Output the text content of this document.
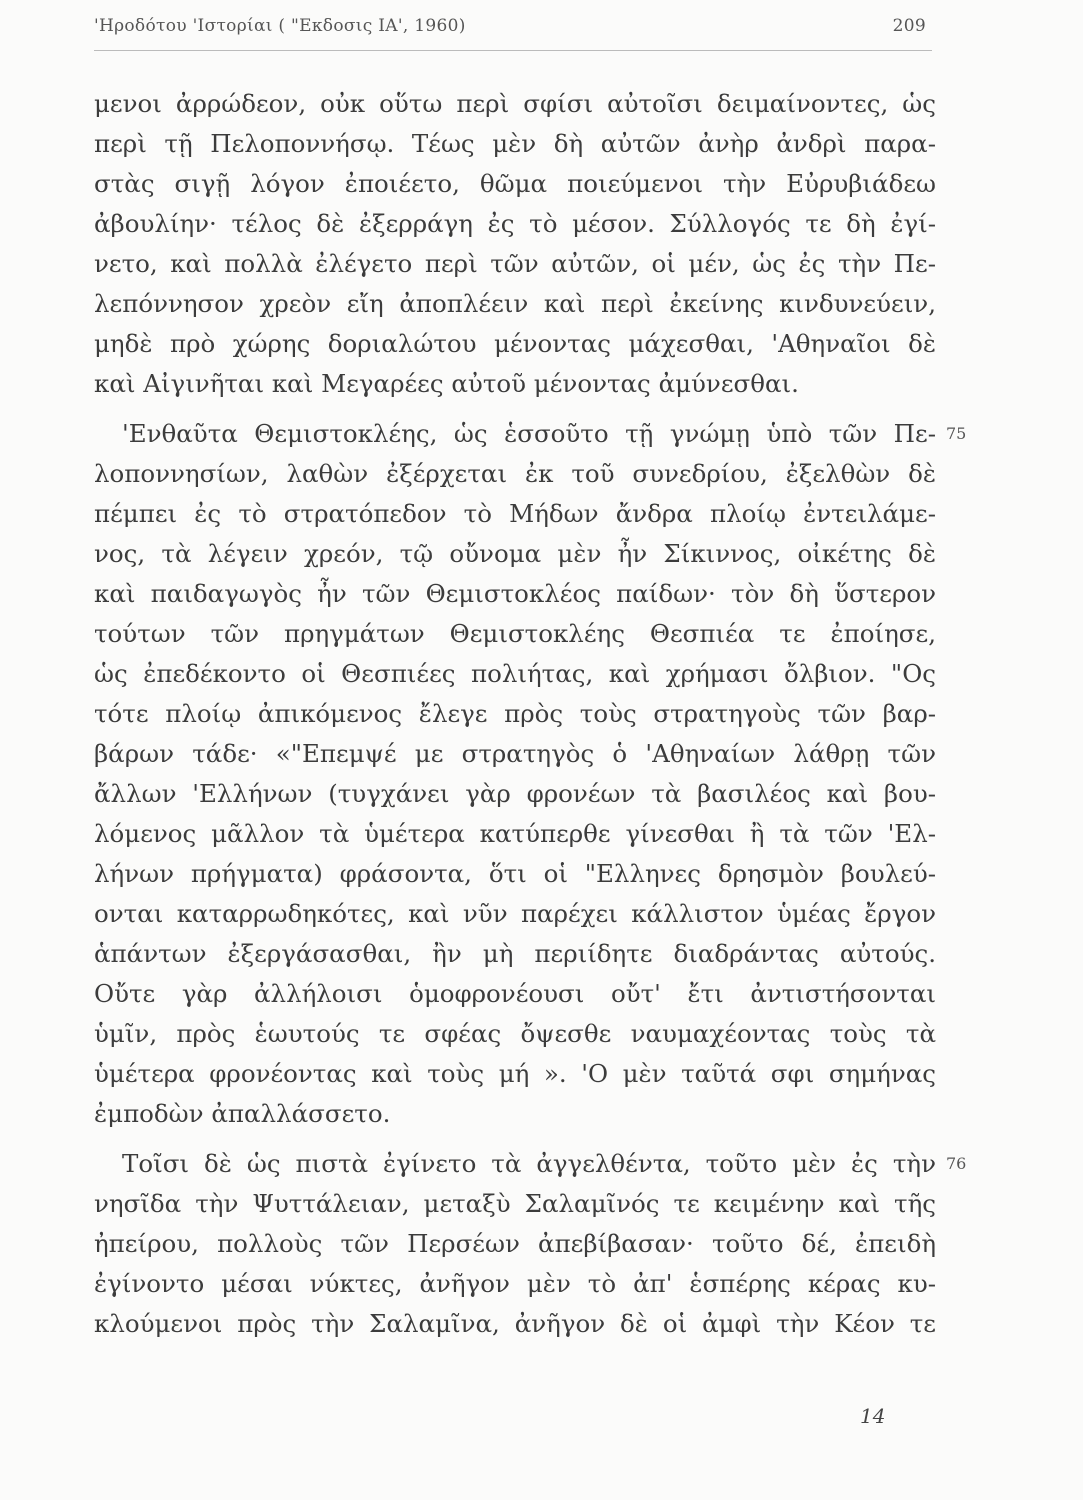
'Ηροδότου 'Ιστορίαι ( "Εκδοσις ΙΑ', 1960)	209
μενοι ἀρρώδεον, οὐκ οὕτω περὶ σφίσι αὐτοῖσι δειμαίνοντες, ὡς
περὶ τῇ Πελοποννήσῳ. Τέως μὲν δὴ αὐτῶν ἀνὴρ ἀνδρὶ παρα-
στὰς σιγῇ λόγον ἐποιέετο, θῶμα ποιεύμενοι τὴν Εὐρυβιάδεω
ἀβουλίην· τέλος δὲ ἐξερράγη ἐς τὸ μέσον. Σύλλογός τε δὴ ἐγί-
νετο, καὶ πολλὰ ἐλέγετο περὶ τῶν αὐτῶν, οἱ μέν, ὡς ἐς τὴν Πε-
λεπόννησον χρεὸν εἴη ἀποπλέειν καὶ περὶ ἐκείνης κινδυνεύειν,
μηδὲ πρὸ χώρης δοριαλώτου μένοντας μάχεσθαι, 'Αθηναῖοι δὲ
καὶ Αἰγινῆται καὶ Μεγαρέες αὐτοῦ μένοντας ἀμύνεσθαι.
'Ενθαῦτα Θεμιστοκλέης, ὡς ἑσσοῦτο τῇ γνώμῃ ὑπὸ τῶν Πε-
λοποννησίων, λαθὼν ἐξέρχεται ἐκ τοῦ συνεδρίου, ἐξελθὼν δὲ
πέμπει ἐς τὸ στρατόπεδον τὸ Μήδων ἄνδρα πλοίῳ ἐντειλάμε-
νος, τὰ λέγειν χρεόν, τῷ οὔνομα μὲν ἦν Σίκιννος, οἰκέτης δὲ
καὶ παιδαγωγὸς ἦν τῶν Θεμιστοκλέος παίδων· τὸν δὴ ὕστερον
τούτων τῶν πρηγμάτων Θεμιστοκλέης Θεσπιέα τε ἐποίησε,
ὡς ἐπεδέκοντο οἱ Θεσπιέες πολιήτας, καὶ χρήμασι ὄλβιον. "Ος
τότε πλοίῳ ἀπικόμενος ἔλεγε πρὸς τοὺς στρατηγοὺς τῶν βαρ-
βάρων τάδε· «"Επεμψέ με στρατηγὸς ὁ 'Αθηναίων λάθρῃ τῶν
ἄλλων 'Ελλήνων (τυγχάνει γὰρ φρονέων τὰ βασιλέος καὶ βου-
λόμενος μᾶλλον τὰ ὑμέτερα κατύπερθε γίνεσθαι ἢ τὰ τῶν 'Ελ-
λήνων πρήγματα) φράσοντα, ὅτι οἱ "Ελληνες δρησμὸν βουλεύ-
ονται καταρρωδηκότες, καὶ νῦν παρέχει κάλλιστον ὑμέας ἔργον
ἁπάντων ἐξεργάσασθαι, ἢν μὴ περιίδητε διαδράντας αὐτούς.
Οὔτε γὰρ ἀλλήλοισι ὁμοφρονέουσι οὔτ' ἔτι ἀντιστήσονται
ὑμῖν, πρὸς ἑωυτούς τε σφέας ὄψεσθε ναυμαχέοντας τοὺς τὰ
ὑμέτερα φρονέοντας καὶ τοὺς μή ». 'Ο μὲν ταῦτά σφι σημήνας
ἐμποδὼν ἀπαλλάσσετο.
Τοῖσι δὲ ὡς πιστὰ ἐγίνετο τὰ ἀγγελθέντα, τοῦτο μὲν ἐς τὴν
νησῖδα τὴν Ψυττάλειαν, μεταξὺ Σαλαμῖνός τε κειμένην καὶ τῆς
ἠπείρου, πολλοὺς τῶν Περσέων ἀπεβίβασαν· τοῦτο δέ, ἐπειδὴ
ἐγίνοντο μέσαι νύκτες, ἀνῆγον μὲν τὸ ἀπ' ἑσπέρης κέρας κυ-
κλούμενοι πρὸς τὴν Σαλαμῖνα, ἀνῆγον δὲ οἱ ἀμφὶ τὴν Κέον τε
75
76
14
